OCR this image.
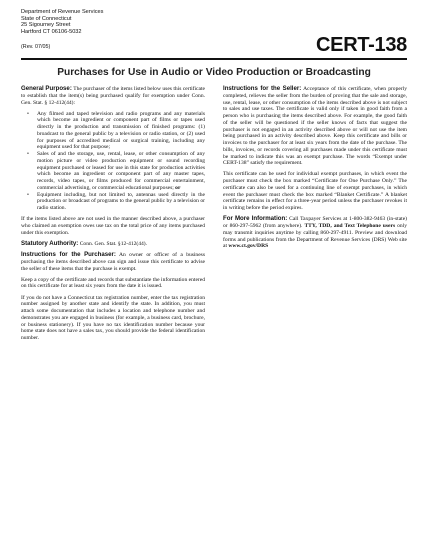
Department of Revenue Services
State of Connecticut
25 Sigourney Street
Hartford CT 06106-5032
(Rev. 07/05)	CERT-138
Purchases for Use in Audio or Video Production or Broadcasting

General Purpose: The purchaser of the items listed below uses this certificate to establish that the item(s) being purchased qualify for exemption under Conn. Gen. Stat. § 12-412(44):

• Any filmed and taped television and radio programs and any materials which become an ingredient or component part of films or tapes used directly in the production and transmission of finished programs: (1) broadcast to the general public by a television or radio station, or (2) used for purposes of accredited medical or surgical training, including any equipment used for that purpose;
• Sales of and the storage, use, rental, lease, or other consumption of any motion picture or video production equipment or sound recording equipment purchased or leased for use in this state for production activities which become an ingredient or component part of any master tapes, records, video tapes, or films produced for commercial entertainment, commercial advertising, or commercial educational purposes; or
• Equipment including, but not limited to, antennas used directly in the production or broadcast of programs to the general public by a television or radio station.

If the items listed above are not used in the manner described above, a purchaser who claimed an exemption owes use tax on the total price of any items purchased under this exemption.

Statutory Authority: Conn. Gen. Stat. §12-412(44).

Instructions for the Purchaser: An owner or officer of a business purchasing the items described above can sign and issue this certificate to advise the seller of these items that the purchase is exempt.

Keep a copy of the certificate and records that substantiate the information entered on this certificate for at least six years from the date it is issued.

If you do not have a Connecticut tax registration number, enter the tax registration number assigned by another state and identify the state. In addition, you must attach some documentation that includes a location and telephone number and demonstrates you are engaged in business (for example, a business card, brochure, or business stationery). If you have no tax identification number because your home state does not have a sales tax, you should provide the federal identification number.

Instructions for the Seller: Acceptance of this certificate, when properly completed, relieves the seller from the burden of proving that the sale and storage, use, rental, lease, or other consumption of the items described above is not subject to sales and use taxes. The certificate is valid only if taken in good faith from a person who is purchasing the items described above. For example, the good faith of the seller will be questioned if the seller knows of facts that suggest the purchaser is not engaged in an activity described above or will not use the item being purchased in an activity described above. Keep this certificate and bills or invoices to the purchaser for at least six years from the date of the purchase. The bills, invoices, or records covering all purchases made under this certificate must be marked to indicate this was an exempt purchase. The words “Exempt under CERT-138” satisfy the requirement.

This certificate can be used for individual exempt purchases, in which event the purchaser must check the box marked “Certificate for One Purchase Only.” The certificate can also be used for a continuing line of exempt purchases, in which event the purchaser must check the box marked “Blanket Certificate.” A blanket certificate remains in effect for a three-year period unless the purchaser revokes it in writing before the period expires.

For More Information: Call Taxpayer Services at 1-800-382-9463 (in-state) or 860-297-5962 (from anywhere). TTY, TDD, and Text Telephone users only may transmit inquiries anytime by calling 860-297-4911. Preview and download forms and publications from the Department of Revenue Services (DRS) Web site at www.ct.gov/DRS
